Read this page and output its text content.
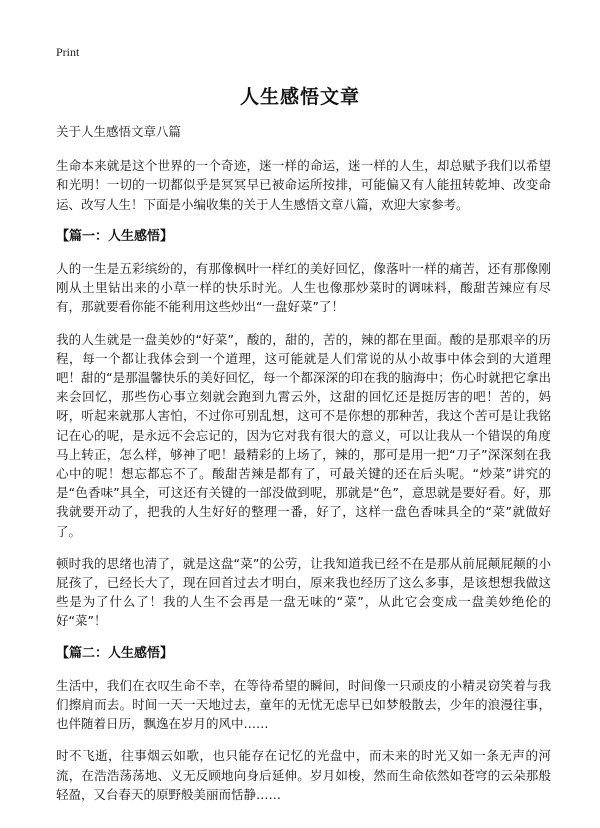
Print
人生感悟文章

关于人生感悟文章八篇

生命本来就是这个世界的一个奇迹，迷一样的命运，迷一样的人生，却总赋予我们以希望和光明！一切的一切都似乎是冥冥早已被命运所按排，可能偏又有人能扭转乾坤、改变命运、改写人生！下面是小编收集的关于人生感悟文章八篇，欢迎大家参考。

【篇一：人生感悟】

人的一生是五彩缤纷的，有那像枫叶一样红的美好回忆，像落叶一样的痛苦，还有那像刚刚从土里钻出来的小草一样的快乐时光。人生也像那炒菜时的调味料，酸甜苦辣应有尽有，那就要看你能不能利用这些炒出“一盘好菜”了！

我的人生就是一盘美妙的“好菜”，酸的，甜的，苦的，辣的都在里面。酸的是那艰辛的历程，每一个都让我体会到一个道理，这可能就是人们常说的从小故事中体会到的大道理吧！甜的“是那温馨快乐的美好回忆，每一个都深深的印在我的脑海中；伤心时就把它拿出来会回忆，那些伤心事立刻就会跑到九霄云外，这甜的回忆还是挺厉害的吧！苦的，妈呀，听起来就那人害怕，不过你可别乱想，这可不是你想的那种苦，我这个苦可是让我铭记在心的呢，是永远不会忘记的，因为它对我有很大的意义，可以让我从一个错误的角度马上转正，怎么样，够神了吧！最精彩的上场了，辣的，那可是用一把“刀子”深深刻在我心中的呢！想忘都忘不了。酸甜苦辣是都有了，可最关键的还在后头呢。“炒菜”讲究的是“色香味”具全，可这还有关键的一部没做到呢，那就是“色”，意思就是要好看。好，那我就要开动了，把我的人生好好的整理一番，好了，这样一盘色香味具全的“菜”就做好了。

顿时我的思绪也清了，就是这盘“菜”的公劳，让我知道我已经不在是那从前屁颠屁颠的小屁孩了，已经长大了，现在回首过去才明白，原来我也经历了这么多事，是该想想我做这些是为了什么了！我的人生不会再是一盘无味的“菜”，从此它会变成一盘美妙绝伦的好“菜”！

【篇二：人生感悟】

生活中，我们在衣叹生命不幸，在等待希望的瞬间，时间像一只顽皮的小精灵窃笑着与我们擦肩而去。时间一天一天地过去，童年的无忧无虑早已如梦般散去，少年的浪漫往事，也伴随着日历，飘逸在岁月的风中……

时不飞逝，往事烟云如歌，也只能存在记忆的光盘中，而未来的时光又如一条无声的河流，在浩浩荡荡地、义无反顾地向身后延伸。岁月如梭，然而生命依然如苍穹的云朵那般轻盈，又台春天的原野般美丽而恬静……
